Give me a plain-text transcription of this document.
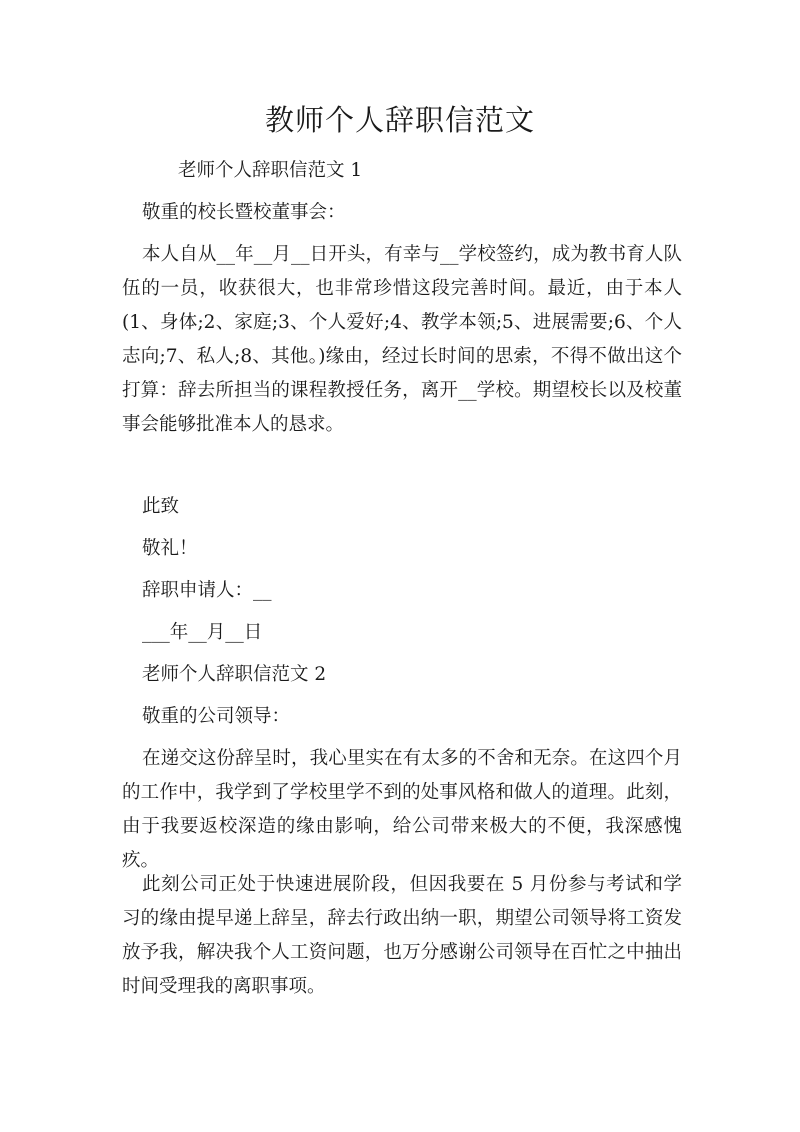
教师个人辞职信范文

老师个人辞职信范文 1

敬重的校长暨校董事会：

本人自从__年__月__日开头，有幸与__学校签约，成为教书育人队伍的一员，收获很大，也非常珍惜这段完善时间。最近，由于本人(1、身体;2、家庭;3、个人爱好;4、教学本领;5、进展需要;6、个人志向;7、私人;8、其他。)缘由，经过长时间的思索，不得不做出这个打算：辞去所担当的课程教授任务，离开__学校。期望校长以及校董事会能够批准本人的恳求。

此致

敬礼！

辞职申请人：__

___年__月__日

老师个人辞职信范文 2

敬重的公司领导：

在递交这份辞呈时，我心里实在有太多的不舍和无奈。在这四个月的工作中，我学到了学校里学不到的处事风格和做人的道理。此刻，由于我要返校深造的缘由影响，给公司带来极大的不便，我深感愧疚。

此刻公司正处于快速进展阶段，但因我要在 5 月份参与考试和学习的缘由提早递上辞呈，辞去行政出纳一职，期望公司领导将工资发放予我，解决我个人工资问题，也万分感谢公司领导在百忙之中抽出时间受理我的离职事项。
